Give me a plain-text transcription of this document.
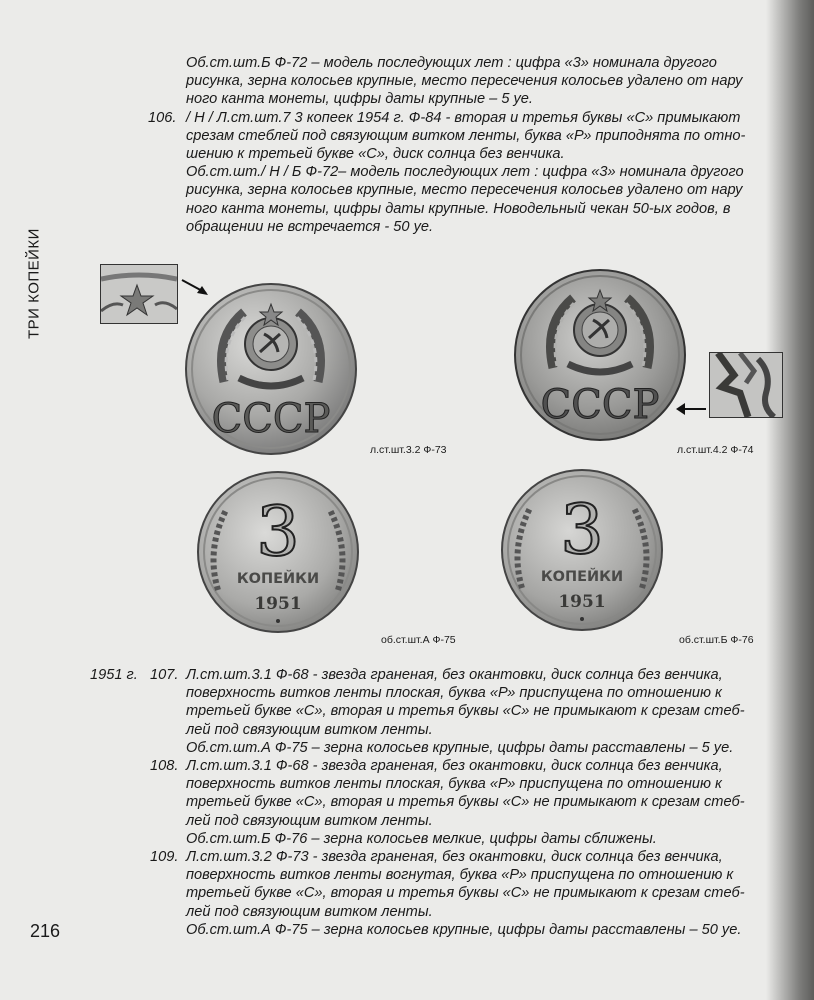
ТРИ КОПЕЙКИ
Об.ст.шт.Б Ф-72 – модель последующих лет : цифра «3» номинала другого
рисунка, зерна колосьев крупные, место пересечения колосьев удалено от нару
ного канта монеты, цифры даты крупные – 5 уе.
106. / Н / Л.ст.шт.7 3 копеек 1954 г. Ф-84 - вторая и третья буквы «С» примыкают
срезам стеблей под связующим витком ленты, буква «Р» приподнята по отно-
шению к третьей букве «С», диск солнца без венчика.
Об.ст.шт./ Н / Б Ф-72– модель последующих лет : цифра «3» номинала другого
рисунка, зерна колосьев крупные, место пересечения колосьев удалено от нару
ного канта монеты, цифры даты крупные. Новодельный чекан 50-ых годов, в
обращении не встречается - 50 уе.
СССР	СССР
3
КОПЕЙКИ
1951
3
КОПЕЙКИ
1951
л.ст.шт.3.2 Ф-73	л.ст.шт.4.2 Ф-74
об.ст.шт.А Ф-75	об.ст.шт.Б Ф-76
1951 г. 107. Л.ст.шт.3.1 Ф-68 - звезда граненая, без окантовки, диск солнца без венчика,
поверхность витков ленты плоская, буква «Р» приспущена по отношению к
третьей букве «С», вторая и третья буквы «С» не примыкают к срезам стеб-
лей под связующим витком ленты.
Об.ст.шт.А Ф-75 – зерна колосьев крупные, цифры даты расставлены – 5 уе.
108. Л.ст.шт.3.1 Ф-68 - звезда граненая, без окантовки, диск солнца без венчика,
поверхность витков ленты плоская, буква «Р» приспущена по отношению к
третьей букве «С», вторая и третья буквы «С» не примыкают к срезам стеб-
лей под связующим витком ленты.
Об.ст.шт.Б Ф-76 – зерна колосьев мелкие, цифры даты сближены.
109. Л.ст.шт.3.2 Ф-73 - звезда граненая, без окантовки, диск солнца без венчика,
поверхность витков ленты вогнутая, буква «Р» приспущена по отношению к
третьей букве «С», вторая и третья буквы «С» не примыкают к срезам стеб-
лей под связующим витком ленты.
Об.ст.шт.А Ф-75 – зерна колосьев крупные, цифры даты расставлены – 50 уе.
216
